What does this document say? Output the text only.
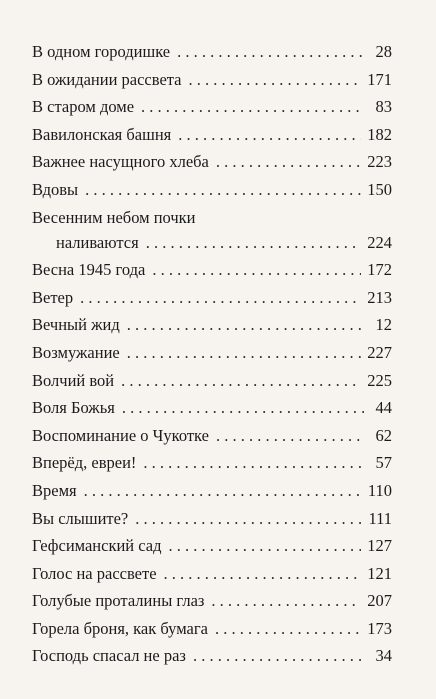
В одном городишке . . .	28
В ожидании рассвета . . .	171
В старом доме . . .	83
Вавилонская башня . . .	182
Важнее насущного хлеба . . .	223
Вдовы . . .	150
Весенним небом почки
наливаются . . .	224
Весна 1945 года . . .	172
Ветер . . .	213
Вечный жид . . .	12
Возмужание . . .	227
Волчий вой . . .	225
Воля Божья . . .	44
Воспоминание о Чукотке . . .	62
Вперёд, евреи! . . .	57
Время . . .	110
Вы слышите? . . .	111
Гефсиманский сад . . .	127
Голос на рассвете . . .	121
Голубые проталины глаз . . .	207
Горела броня, как бумага . . .	173
Господь спасал не раз . . .	34
